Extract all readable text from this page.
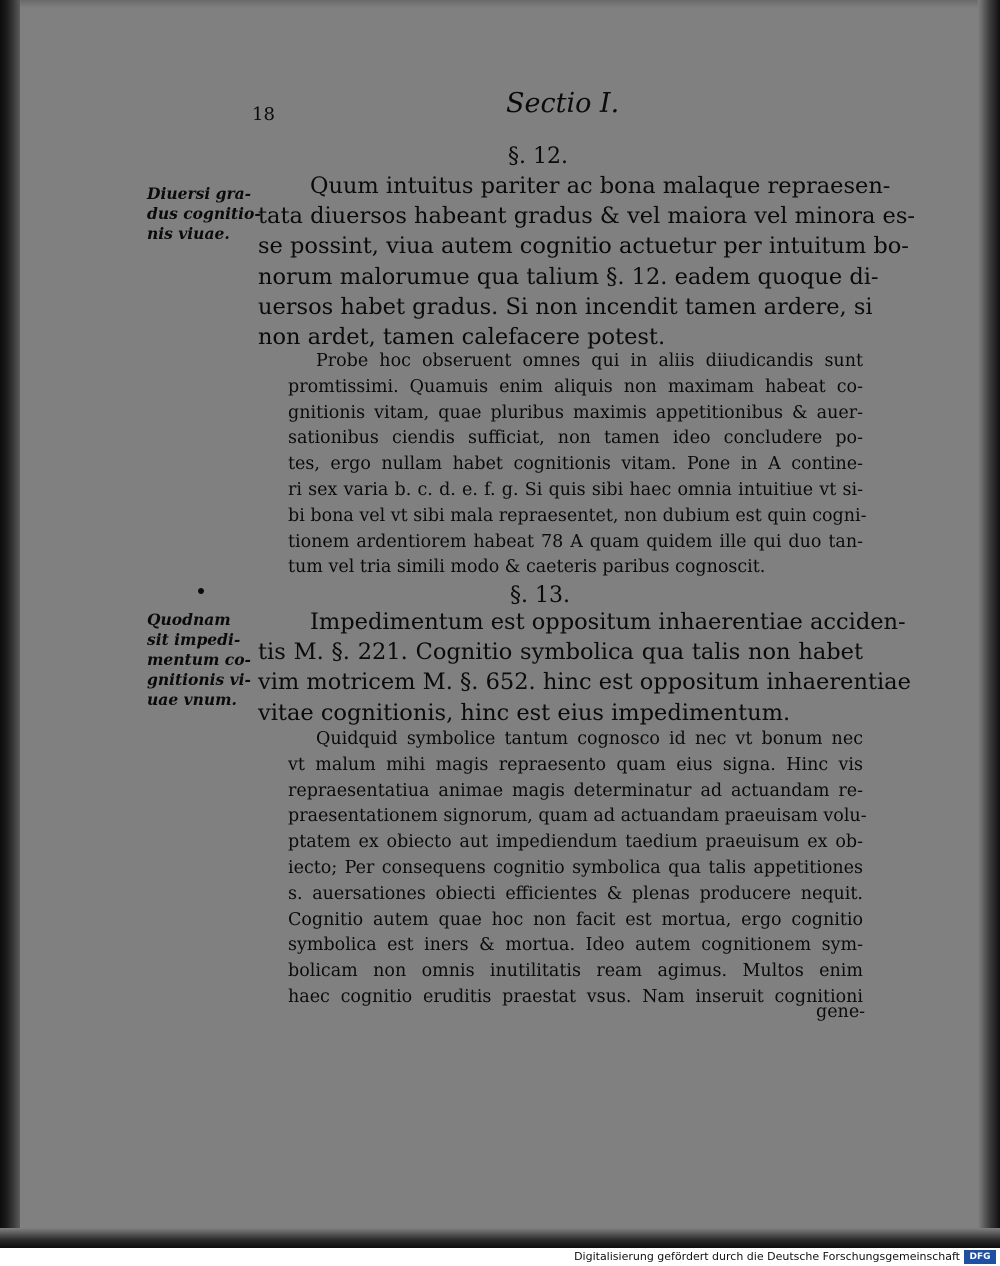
18	Sectio I.
§. 12.
Diuersi gra-
dus cognitio-
nis viuae.
Quum intuitus pariter ac bona malaque repraesen-
tata diuersos habeant gradus & vel maiora vel minora es-
se possint, viua autem cognitio actuetur per intuitum bo-
norum malorumue qua talium §. 12. eadem quoque di-
uersos habet gradus. Si non incendit tamen ardere, si
non ardet, tamen calefacere potest.
Probe hoc obseruent omnes qui in aliis diiudicandis sunt
promtissimi. Quamuis enim aliquis non maximam habeat co-
gnitionis vitam, quae pluribus maximis appetitionibus & auer-
sationibus ciendis sufficiat, non tamen ideo concludere po-
tes, ergo nullam habet cognitionis vitam. Pone in A contine-
ri sex varia b. c. d. e. f. g. Si quis sibi haec omnia intuitiue vt si-
bi bona vel vt sibi mala repraesentet, non dubium est quin cogni-
tionem ardentiorem habeat 78 A quam quidem ille qui duo tan-
tum vel tria simili modo & caeteris paribus cognoscit.
§. 13.
Quodnam
sit impedi-
mentum co-
gnitionis vi-
uae vnum.
Impedimentum est oppositum inhaerentiae acciden-
tis M. §. 221. Cognitio symbolica qua talis non habet
vim motricem M. §. 652. hinc est oppositum inhaerentiae
vitae cognitionis, hinc est eius impedimentum.
Quidquid symbolice tantum cognosco id nec vt bonum nec
vt malum mihi magis repraesento quam eius signa. Hinc vis
repraesentatiua animae magis determinatur ad actuandam re-
praesentationem signorum, quam ad actuandam praeuisam volu-
ptatem ex obiecto aut impediendum taedium praeuisum ex ob-
iecto; Per consequens cognitio symbolica qua talis appetitiones
s. auersationes obiecti efficientes & plenas producere nequit.
Cognitio autem quae hoc non facit est mortua, ergo cognitio
symbolica est iners & mortua. Ideo autem cognitionem sym-
bolicam non omnis inutilitatis ream agimus. Multos enim
haec cognitio eruditis praestat vsus. Nam inseruit cognitioni
gene-
Digitalisierung gefördert durch die Deutsche Forschungsgemeinschaft	DFG
